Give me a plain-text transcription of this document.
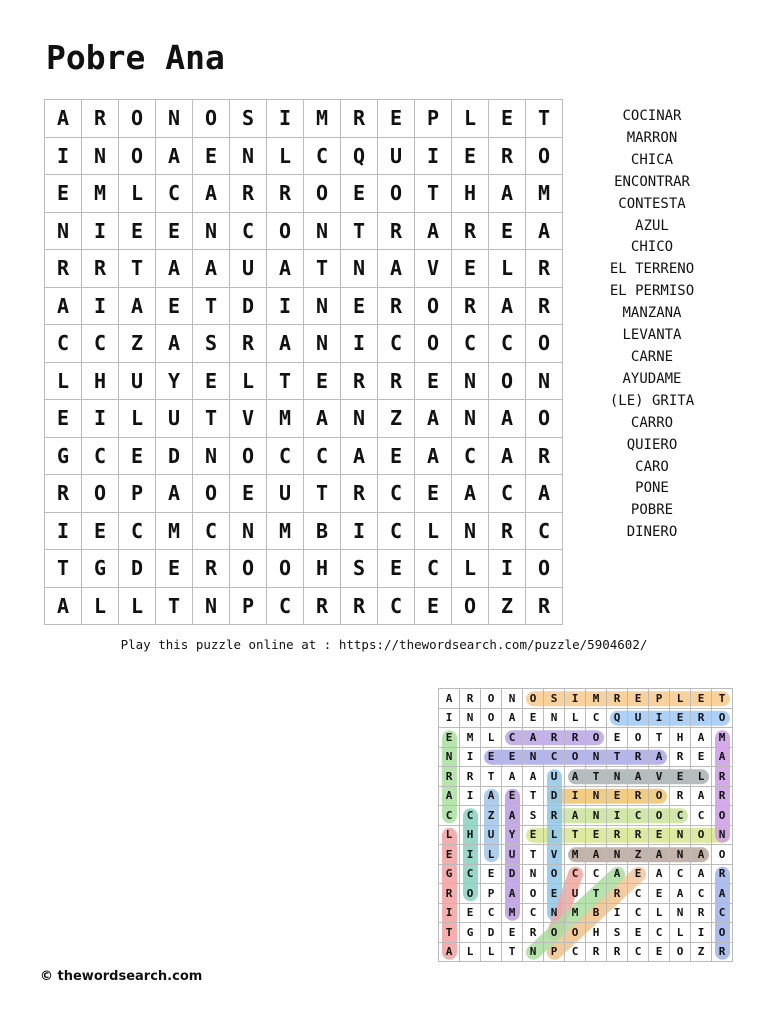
Pobre Ana
A	R	O	N	O	S	I	M	R	E	P	L	E	T
I	N	O	A	E	N	L	C	Q	U	I	E	R	O
E	M	L	C	A	R	R	O	E	O	T	H	A	M
N	I	E	E	N	C	O	N	T	R	A	R	E	A
R	R	T	A	A	U	A	T	N	A	V	E	L	R
A	I	A	E	T	D	I	N	E	R	O	R	A	R
C	C	Z	A	S	R	A	N	I	C	O	C	C	O
L	H	U	Y	E	L	T	E	R	R	E	N	O	N
E	I	L	U	T	V	M	A	N	Z	A	N	A	O
G	C	E	D	N	O	C	C	A	E	A	C	A	R
R	O	P	A	O	E	U	T	R	C	E	A	C	A
I	E	C	M	C	N	M	B	I	C	L	N	R	C
T	G	D	E	R	O	O	H	S	E	C	L	I	O
A	L	L	T	N	P	C	R	R	C	E	O	Z	R
COCINAR
MARRON
CHICA
ENCONTRAR
CONTESTA
AZUL
CHICO
EL TERRENO
EL PERMISO
MANZANA
LEVANTA
CARNE
AYUDAME
(LE) GRITA
CARRO
QUIERO
CARO
PONE
POBRE
DINERO
Play this puzzle online at : https://thewordsearch.com/puzzle/5904602/
A	R	O	N	O	S	I	M	R	E	P	L	E	T
I	N	O	A	E	N	L	C	Q	U	I	E	R	O
E	M	L	C	A	R	R	O	E	O	T	H	A	M
N	I	E	E	N	C	O	N	T	R	A	R	E	A
R	R	T	A	A	U	A	T	N	A	V	E	L	R
A	I	A	E	T	D	I	N	E	R	O	R	A	R
C	C	Z	A	S	R	A	N	I	C	O	C	C	O
L	H	U	Y	E	L	T	E	R	R	E	N	O	N
E	I	L	U	T	V	M	A	N	Z	A	N	A	O
G	C	E	D	N	O	C	C	A	E	A	C	A	R
R	O	P	A	O	E	U	T	R	C	E	A	C	A
I	E	C	M	C	N	M	B	I	C	L	N	R	C
T	G	D	E	R	O	O	H	S	E	C	L	I	O
A	L	L	T	N	P	C	R	R	C	E	O	Z	R
© thewordsearch.com
